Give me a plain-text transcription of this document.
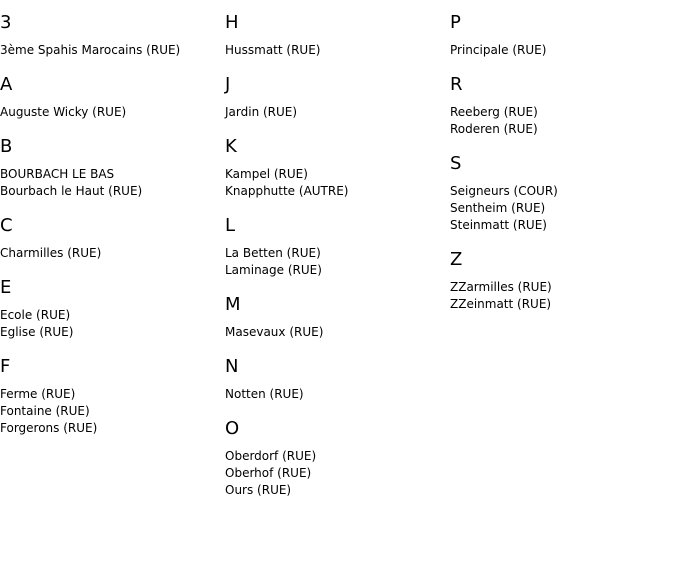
3
3ème Spahis Marocains (RUE)
A
Auguste Wicky (RUE)
B
BOURBACH LE BAS
Bourbach le Haut (RUE)
C
Charmilles (RUE)
E
Ecole (RUE)
Eglise (RUE)
F
Ferme (RUE)
Fontaine (RUE)
Forgerons (RUE)
H
Hussmatt (RUE)
J
Jardin (RUE)
K
Kampel (RUE)
Knapphutte (AUTRE)
L
La Betten (RUE)
Laminage (RUE)
M
Masevaux (RUE)
N
Notten (RUE)
O
Oberdorf (RUE)
Oberhof (RUE)
Ours (RUE)
P
Principale (RUE)
R
Reeberg (RUE)
Roderen (RUE)
S
Seigneurs (COUR)
Sentheim (RUE)
Steinmatt (RUE)
Z
ZZarmilles (RUE)
ZZeinmatt (RUE)
